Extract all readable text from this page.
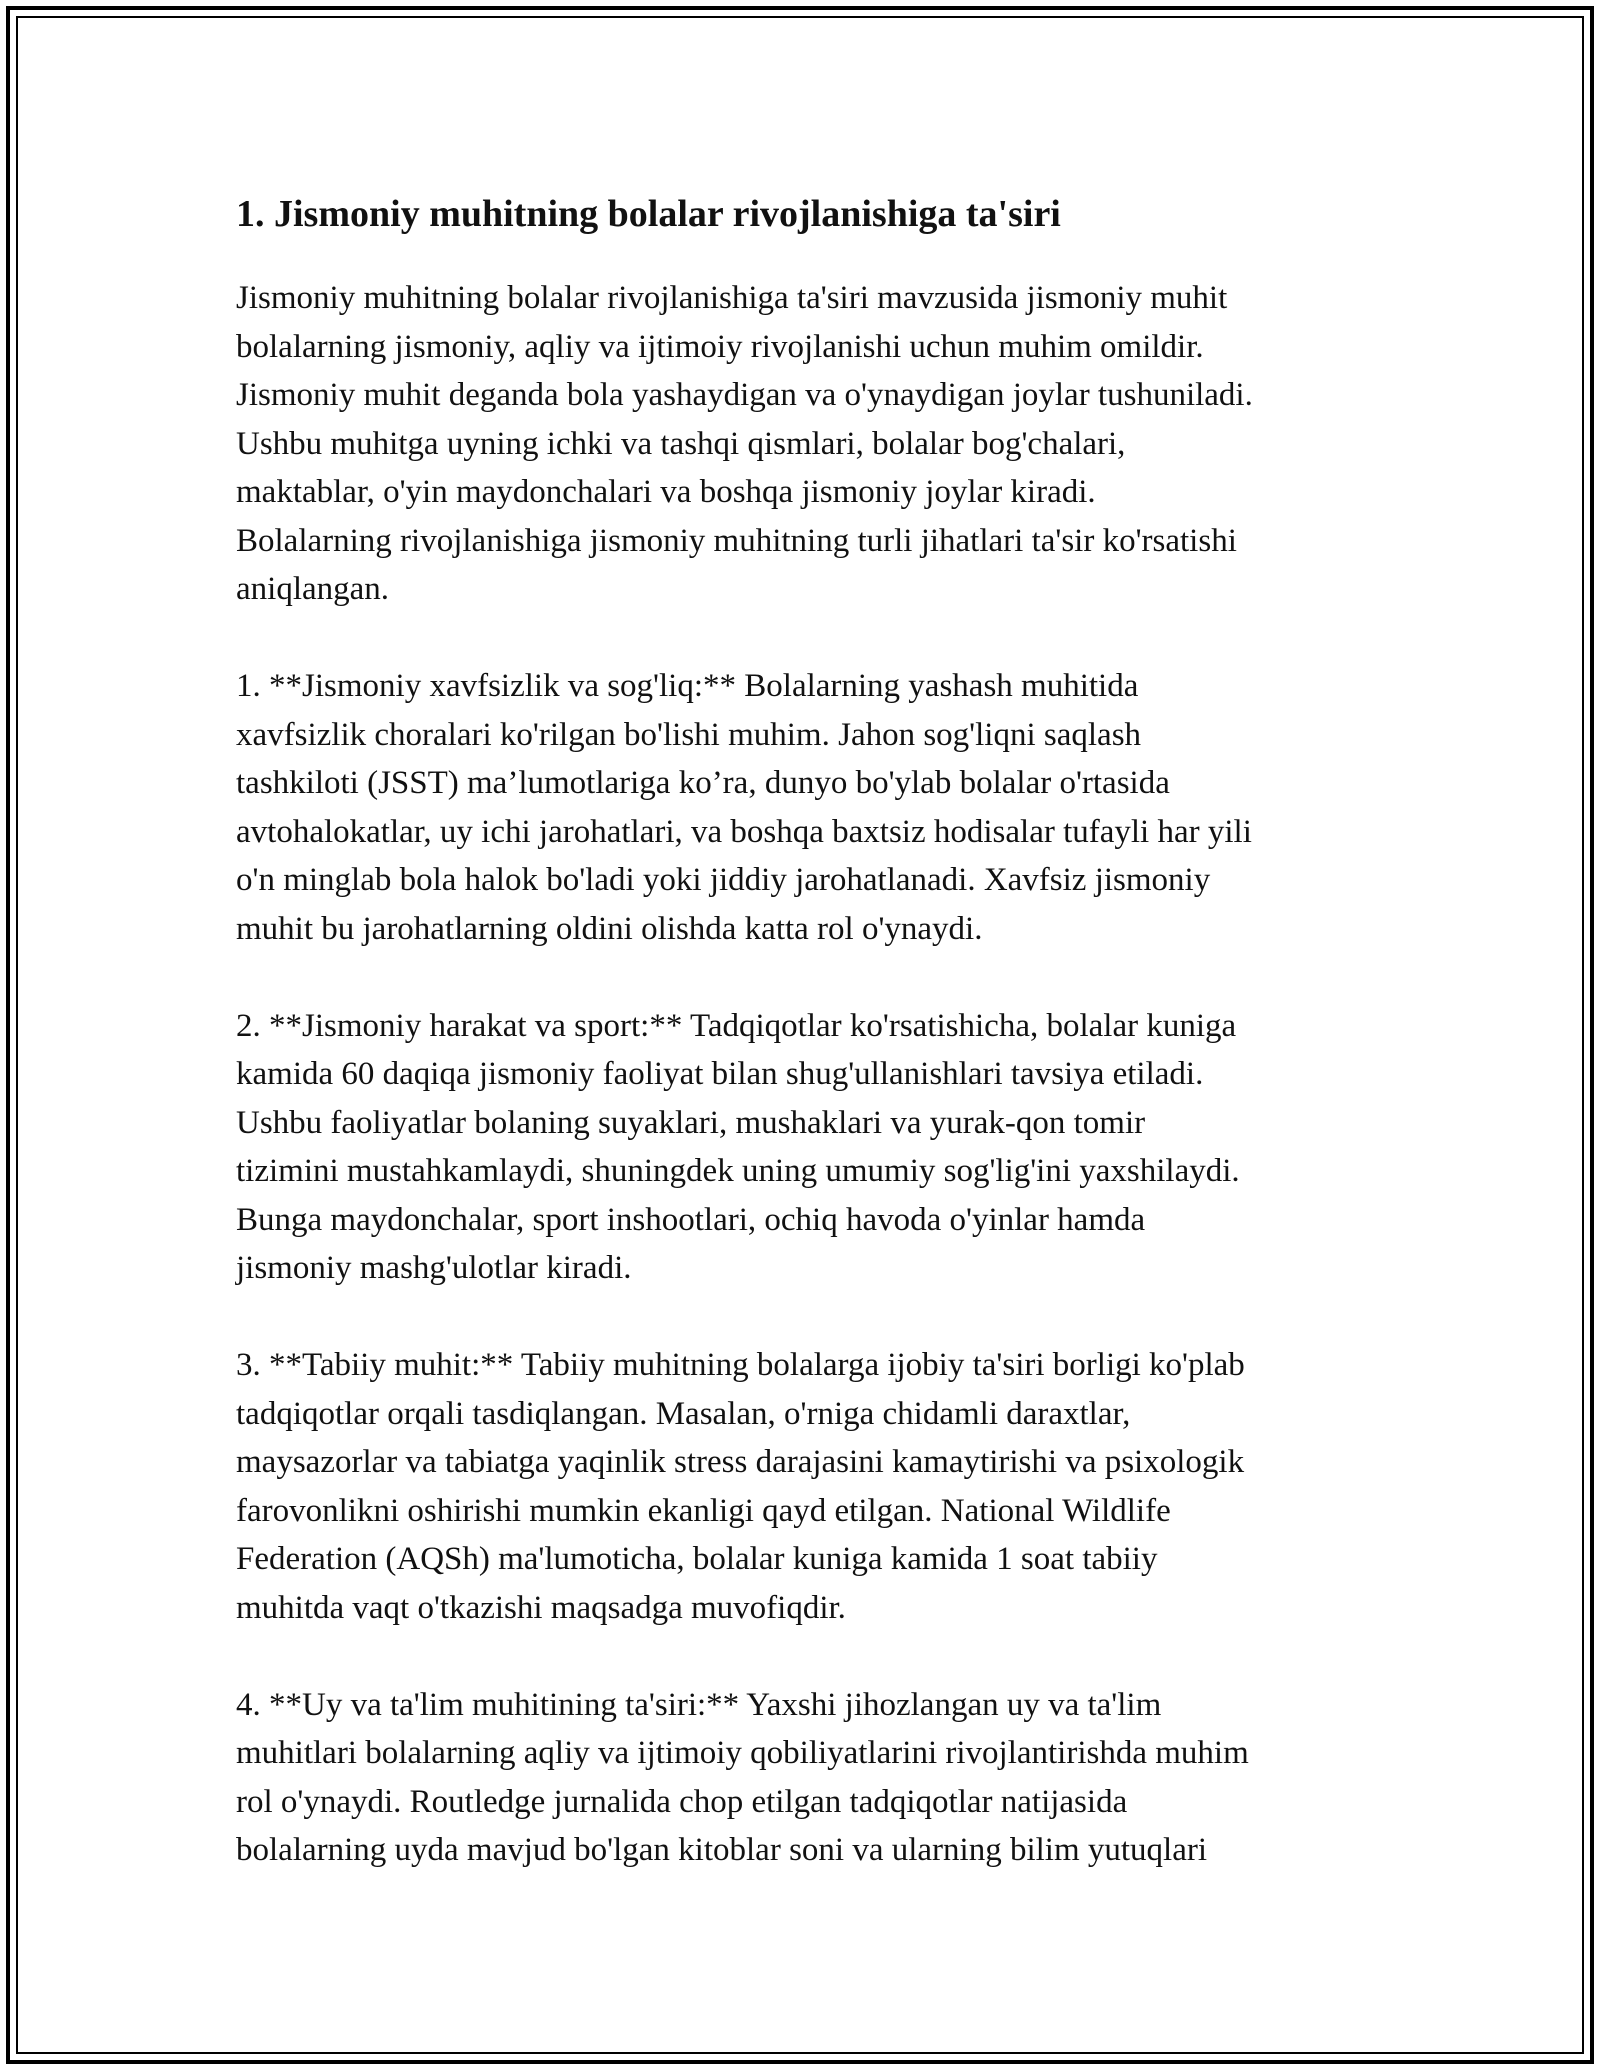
1. Jismoniy muhitning bolalar rivojlanishiga ta'siri

Jismoniy muhitning bolalar rivojlanishiga ta'siri mavzusida jismoniy muhit
bolalarning jismoniy, aqliy va ijtimoiy rivojlanishi uchun muhim omildir.
Jismoniy muhit deganda bola yashaydigan va o'ynaydigan joylar tushuniladi.
Ushbu muhitga uyning ichki va tashqi qismlari, bolalar bog'chalari,
maktablar, o'yin maydonchalari va boshqa jismoniy joylar kiradi.
Bolalarning rivojlanishiga jismoniy muhitning turli jihatlari ta'sir ko'rsatishi
aniqlangan.

1. **Jismoniy xavfsizlik va sog'liq:** Bolalarning yashash muhitida
xavfsizlik choralari ko'rilgan bo'lishi muhim. Jahon sog'liqni saqlash
tashkiloti (JSST) ma’lumotlariga ko’ra, dunyo bo'ylab bolalar o'rtasida
avtohalokatlar, uy ichi jarohatlari, va boshqa baxtsiz hodisalar tufayli har yili
o'n minglab bola halok bo'ladi yoki jiddiy jarohatlanadi. Xavfsiz jismoniy
muhit bu jarohatlarning oldini olishda katta rol o'ynaydi.

2. **Jismoniy harakat va sport:** Tadqiqotlar ko'rsatishicha, bolalar kuniga
kamida 60 daqiqa jismoniy faoliyat bilan shug'ullanishlari tavsiya etiladi.
Ushbu faoliyatlar bolaning suyaklari, mushaklari va yurak-qon tomir
tizimini mustahkamlaydi, shuningdek uning umumiy sog'lig'ini yaxshilaydi.
Bunga maydonchalar, sport inshootlari, ochiq havoda o'yinlar hamda
jismoniy mashg'ulotlar kiradi.

3. **Tabiiy muhit:** Tabiiy muhitning bolalarga ijobiy ta'siri borligi ko'plab
tadqiqotlar orqali tasdiqlangan. Masalan, o'rniga chidamli daraxtlar,
maysazorlar va tabiatga yaqinlik stress darajasini kamaytirishi va psixologik
farovonlikni oshirishi mumkin ekanligi qayd etilgan. National Wildlife
Federation (AQSh) ma'lumoticha, bolalar kuniga kamida 1 soat tabiiy
muhitda vaqt o'tkazishi maqsadga muvofiqdir.

4. **Uy va ta'lim muhitining ta'siri:** Yaxshi jihozlangan uy va ta'lim
muhitlari bolalarning aqliy va ijtimoiy qobiliyatlarini rivojlantirishda muhim
rol o'ynaydi. Routledge jurnalida chop etilgan tadqiqotlar natijasida
bolalarning uyda mavjud bo'lgan kitoblar soni va ularning bilim yutuqlari
